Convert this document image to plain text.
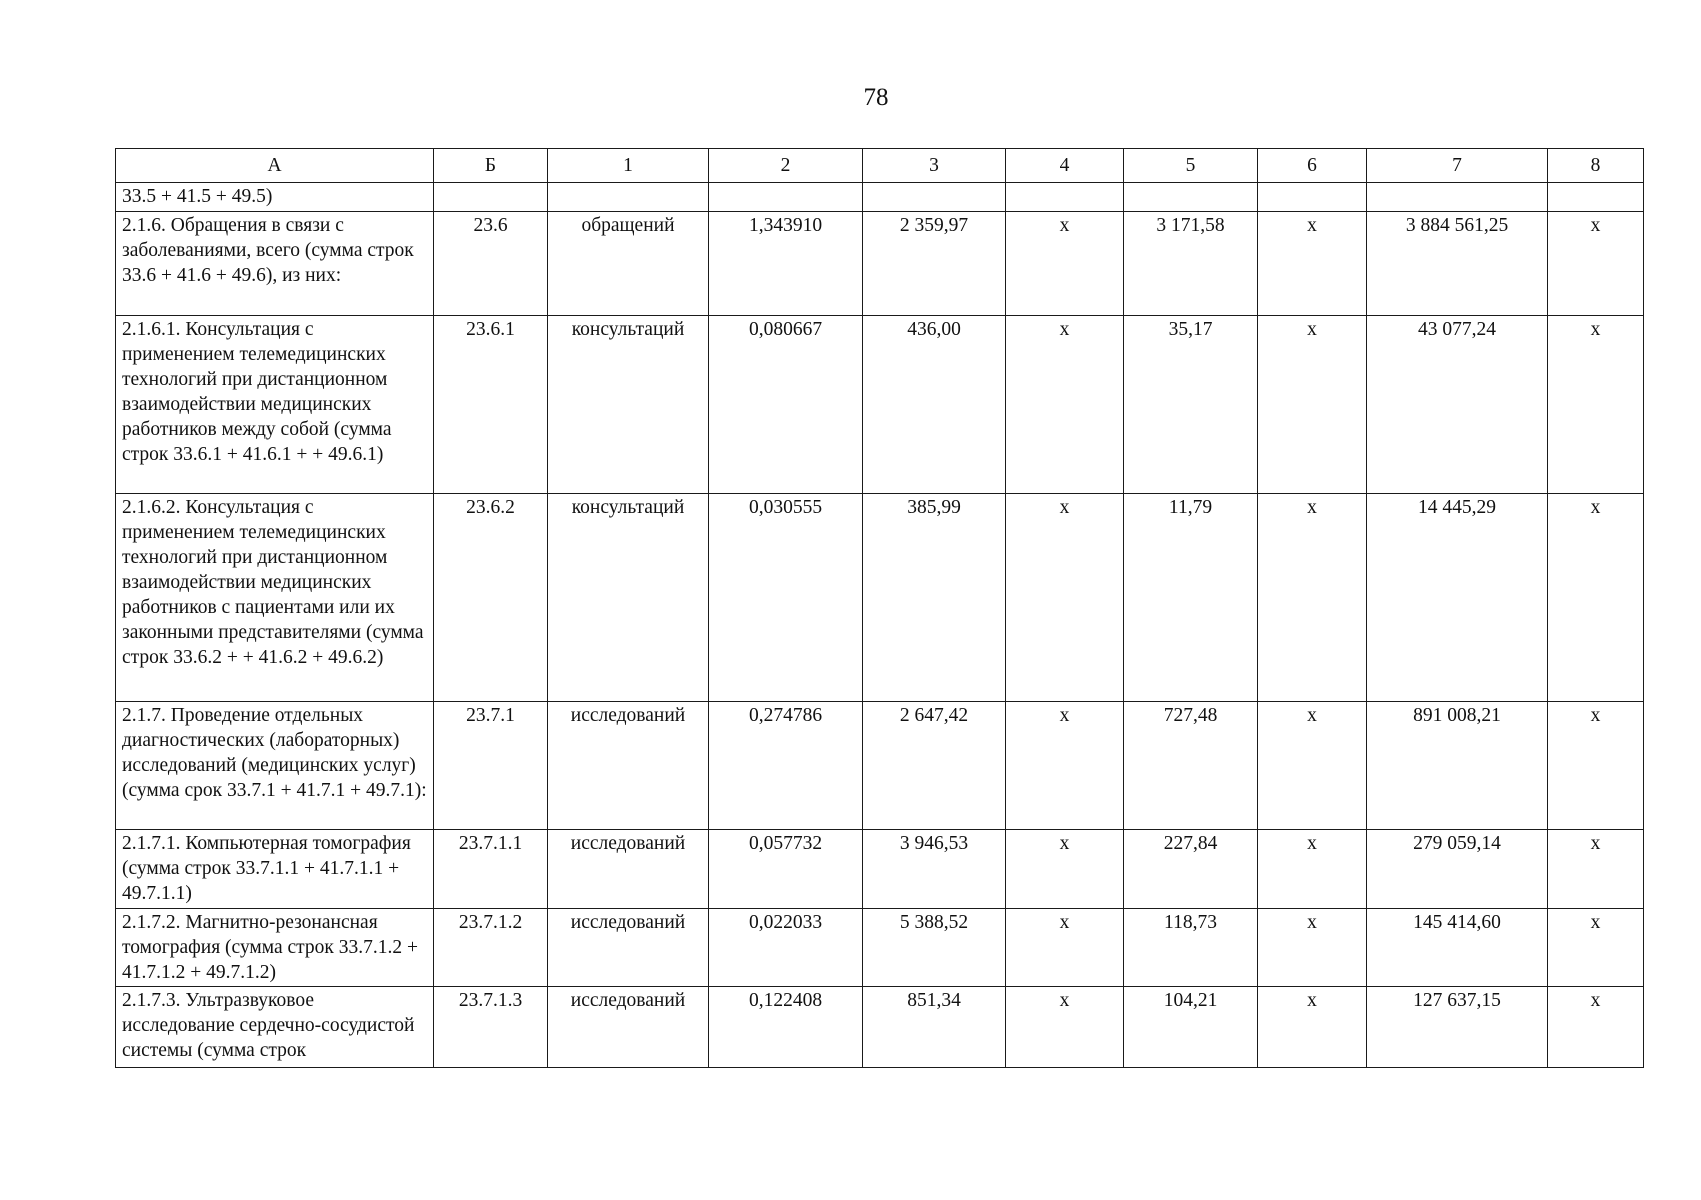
78
А	Б	1	2	3	4	5	6	7	8
33.5 + 41.5 + 49.5)									
2.1.6. Обращения в связи с заболеваниями, всего (сумма строк 33.6 + 41.6 + 49.6), из них:	23.6	обращений	1,343910	2 359,97	х	3 171,58	х	3 884 561,25	х
2.1.6.1. Консультация с применением телемедицинских технологий при дистанционном взаимодействии медицинских работников между собой (сумма строк 33.6.1 + 41.6.1 + + 49.6.1)	23.6.1	консультаций	0,080667	436,00	х	35,17	х	43 077,24	х
2.1.6.2. Консультация с применением телемедицинских технологий при дистанционном взаимодействии медицинских работников с пациентами или их законными представителями (сумма строк 33.6.2 + + 41.6.2 + 49.6.2)	23.6.2	консультаций	0,030555	385,99	х	11,79	х	14 445,29	х
2.1.7. Проведение отдельных диагностических (лабораторных) исследований (медицинских услуг) (сумма срок 33.7.1 + 41.7.1 + 49.7.1):	23.7.1	исследований	0,274786	2 647,42	х	727,48	х	891 008,21	х
2.1.7.1. Компьютерная томография (сумма строк 33.7.1.1 + 41.7.1.1 + 49.7.1.1)	23.7.1.1	исследований	0,057732	3 946,53	х	227,84	х	279 059,14	х
2.1.7.2. Магнитно-резонансная томография (сумма строк 33.7.1.2 + 41.7.1.2 + 49.7.1.2)	23.7.1.2	исследований	0,022033	5 388,52	х	118,73	х	145 414,60	х
2.1.7.3. Ультразвуковое исследование сердечно-сосудистой системы (сумма строк	23.7.1.3	исследований	0,122408	851,34	х	104,21	х	127 637,15	х
